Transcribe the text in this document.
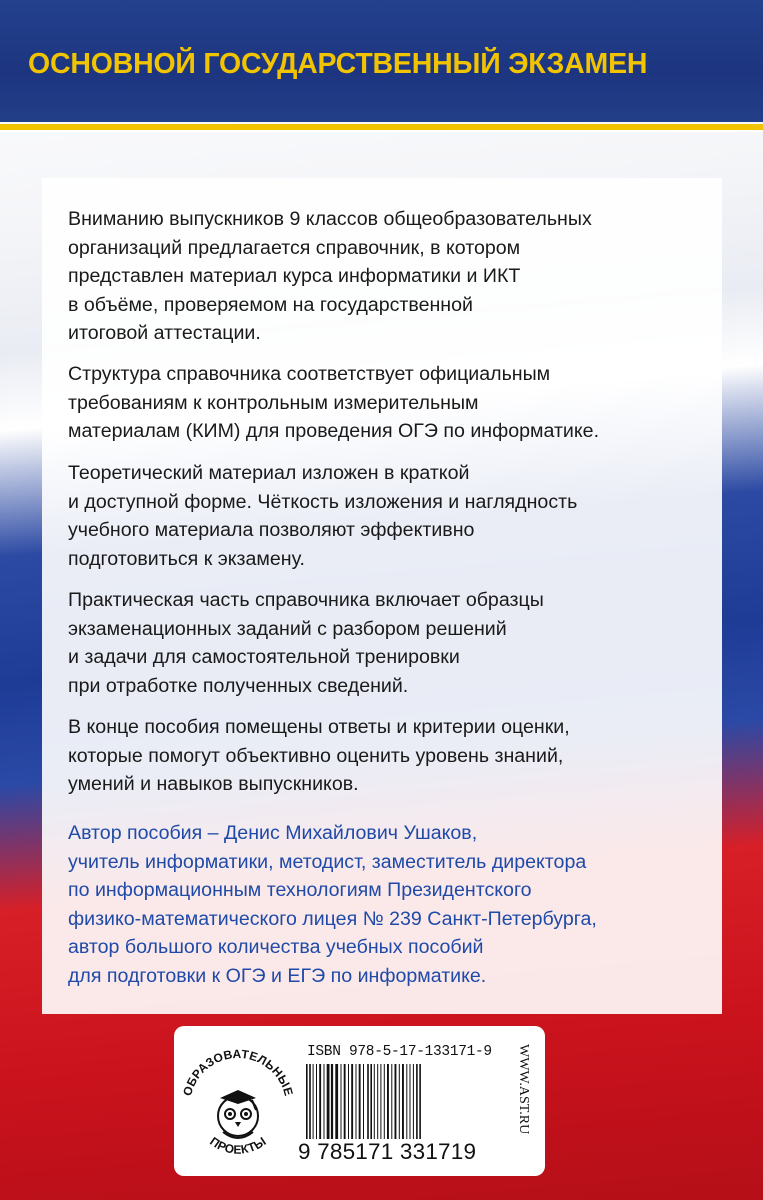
ОСНОВНОЙ ГОСУДАРСТВЕННЫЙ ЭКЗАМЕН
Вниманию выпускников 9 классов общеобразовательных
организаций предлагается справочник, в котором
представлен материал курса информатики и ИКТ
в объёме, проверяемом на государственной
итоговой аттестации.
Структура справочника соответствует официальным
требованиям к контрольным измерительным
материалам (КИМ) для проведения ОГЭ по информатике.
Теоретический материал изложен в краткой
и доступной форме. Чёткость изложения и наглядность
учебного материала позволяют эффективно
подготовиться к экзамену.
Практическая часть справочника включает образцы
экзаменационных заданий с разбором решений
и задачи для самостоятельной тренировки
при отработке полученных сведений.
В конце пособия помещены ответы и критерии оценки,
которые помогут объективно оценить уровень знаний,
умений и навыков выпускников.
Автор пособия – Денис Михайлович Ушаков,
учитель информатики, методист, заместитель директора
по информационным технологиям Президентского
физико-математического лицея № 239 Санкт-Петербурга,
автор большого количества учебных пособий
для подготовки к ОГЭ и ЕГЭ по информатике.
ОБРАЗОВАТЕЛЬНЫЕ
ПРОЕКТЫ
ISBN 978-5-17-133171-9
9 785171 331719
WWW.AST.RU
